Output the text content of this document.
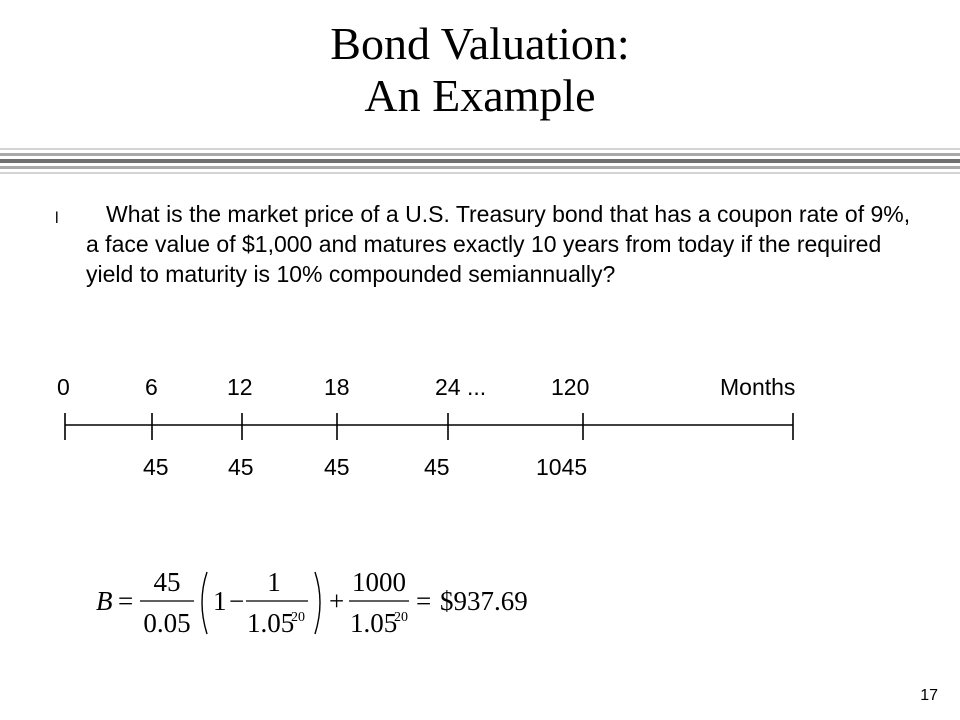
Bond Valuation:
An Example
l	What is the market price of a U.S. Treasury bond that has a coupon rate of 9%, a face value of $1,000 and matures exactly 10 years from today if the required yield to maturity is 10% compounded semiannually?

0	6	12	18	24 ...	120	Months
45	45	45	45	1045
B =
45
0.05
1 −
1
1.05
20
+
1000
1.05
20
= $937.69
17
